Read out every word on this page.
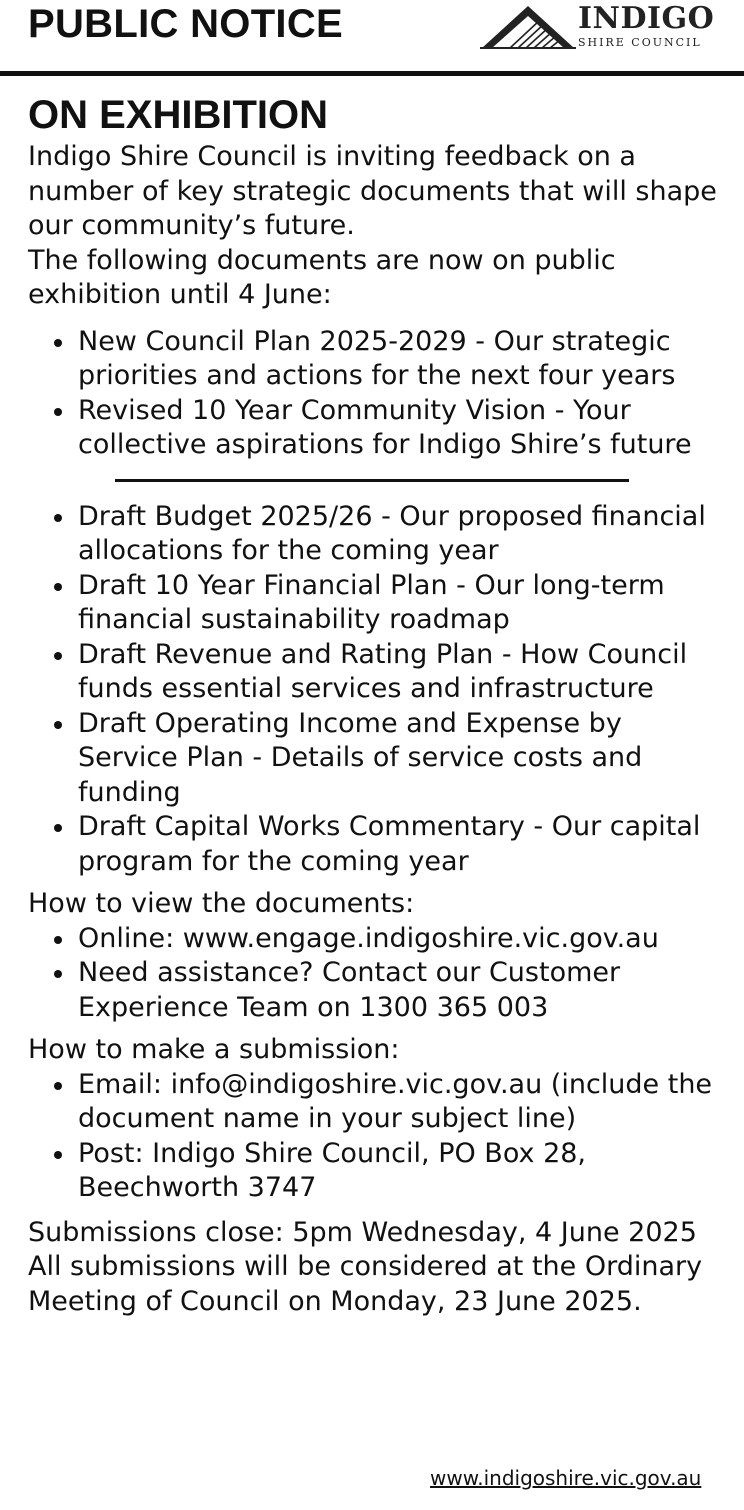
PUBLIC NOTICE	INDIGO
SHIRE COUNCIL
ON EXHIBITION

Indigo Shire Council is inviting feedback on a number of key strategic documents that will shape our community’s future.

The following documents are now on public exhibition until 4 June:

New Council Plan 2025-2029 - Our strategic priorities and actions for the next four years
Revised 10 Year Community Vision - Your collective aspirations for Indigo Shire’s future
Draft Budget 2025/26 - Our proposed financial allocations for the coming year
Draft 10 Year Financial Plan - Our long-term financial sustainability roadmap
Draft Revenue and Rating Plan - How Council funds essential services and infrastructure
Draft Operating Income and Expense by Service Plan - Details of service costs and funding
Draft Capital Works Commentary - Our capital program for the coming year

How to view the documents:

Online: www.engage.indigoshire.vic.gov.au
Need assistance? Contact our Customer Experience Team on 1300 365 003

How to make a submission:

Email: info@indigoshire.vic.gov.au (include the document name in your subject line)
Post: Indigo Shire Council, PO Box 28, Beechworth 3747

Submissions close: 5pm Wednesday, 4 June 2025

All submissions will be considered at the Ordinary Meeting of Council on Monday, 23 June 2025.

www.indigoshire.vic.gov.au
